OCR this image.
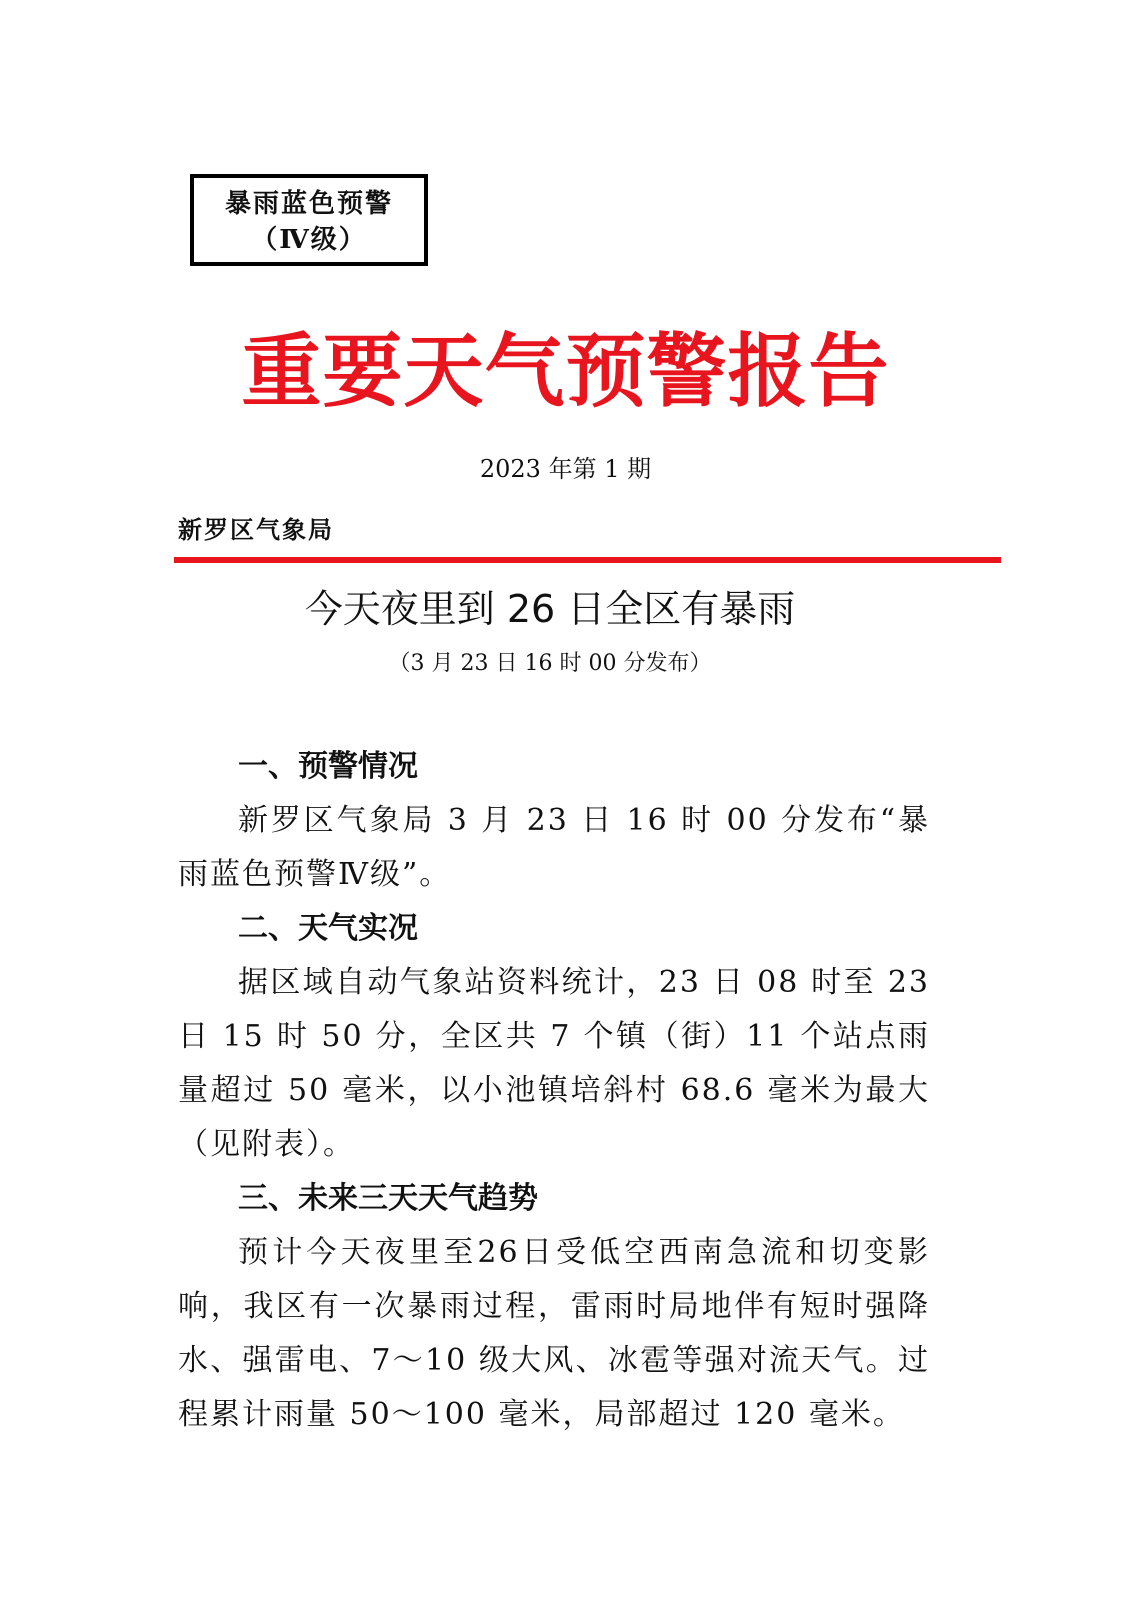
暴雨蓝色预警
（Ⅳ级）
重要天气预警报告
2023 年第 1 期
新罗区气象局
今天夜里到 26 日全区有暴雨
（3 月 23 日 16 时 00 分发布）
一、预警情况

新罗区气象局 3 月 23 日 16 时 00 分发布“暴雨蓝色预警Ⅳ级”。

二、天气实况

据区域自动气象站资料统计，23 日 08 时至 23 日 15 时 50 分，全区共 7 个镇（街）11 个站点雨量超过 50 毫米，以小池镇培斜村 68.6 毫米为最大（见附表）。

三、未来三天天气趋势

预计今天夜里至26日受低空西南急流和切变影响，我区有一次暴雨过程，雷雨时局地伴有短时强降水、强雷电、7～10 级大风、冰雹等强对流天气。过程累计雨量 50～100 毫米，局部超过 120 毫米。
